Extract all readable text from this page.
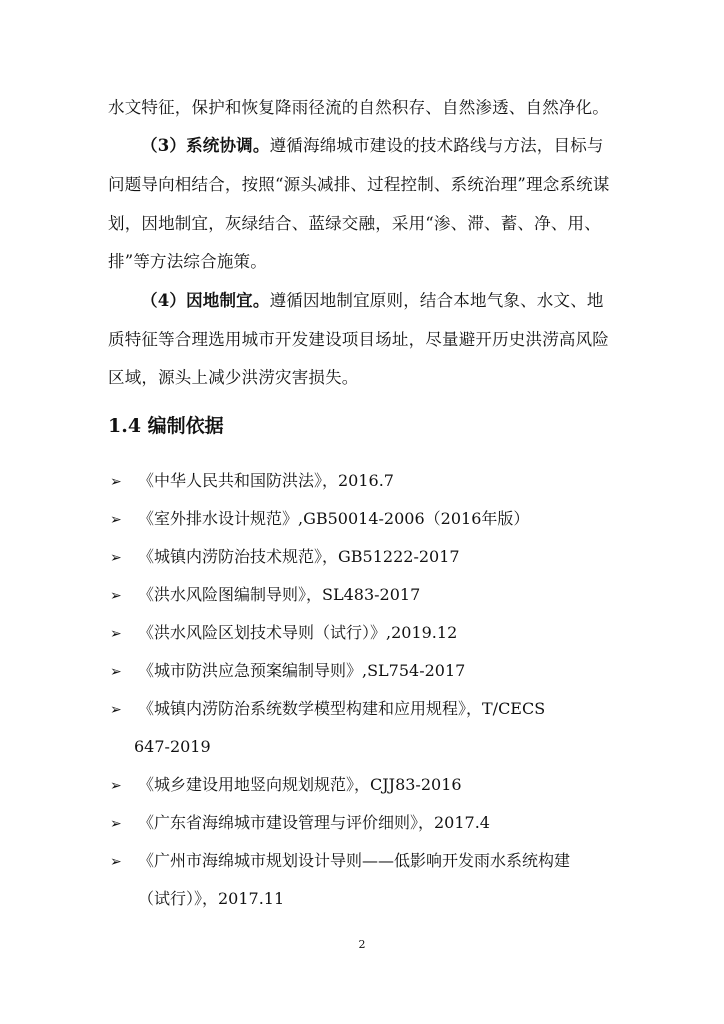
水文特征，保护和恢复降雨径流的自然积存、自然渗透、自然净化。
（3）系统协调。遵循海绵城市建设的技术路线与方法，目标与
问题导向相结合，按照“源头减排、过程控制、系统治理”理念系统谋
划，因地制宜，灰绿结合、蓝绿交融，采用“渗、滞、蓄、净、用、
排”等方法综合施策。
（4）因地制宜。遵循因地制宜原则，结合本地气象、水文、地
质特征等合理选用城市开发建设项目场址，尽量避开历史洪涝高风险
区域，源头上减少洪涝灾害损失。
1.4 编制依据
➢ 《中华人民共和国防洪法》，2016.7
➢ 《室外排水设计规范》,GB50014-2006（2016年版）
➢ 《城镇内涝防治技术规范》，GB51222-2017
➢ 《洪水风险图编制导则》，SL483-2017
➢ 《洪水风险区划技术导则（试行）》,2019.12
➢ 《城市防洪应急预案编制导则》,SL754-2017
➢ 《城镇内涝防治系统数学模型构建和应用规程》，T/CECS
647-2019
➢ 《城乡建设用地竖向规划规范》，CJJ83-2016
➢ 《广东省海绵城市建设管理与评价细则》，2017.4
➢ 《广州市海绵城市规划设计导则——低影响开发雨水系统构建
（试行）》，2017.11
2
